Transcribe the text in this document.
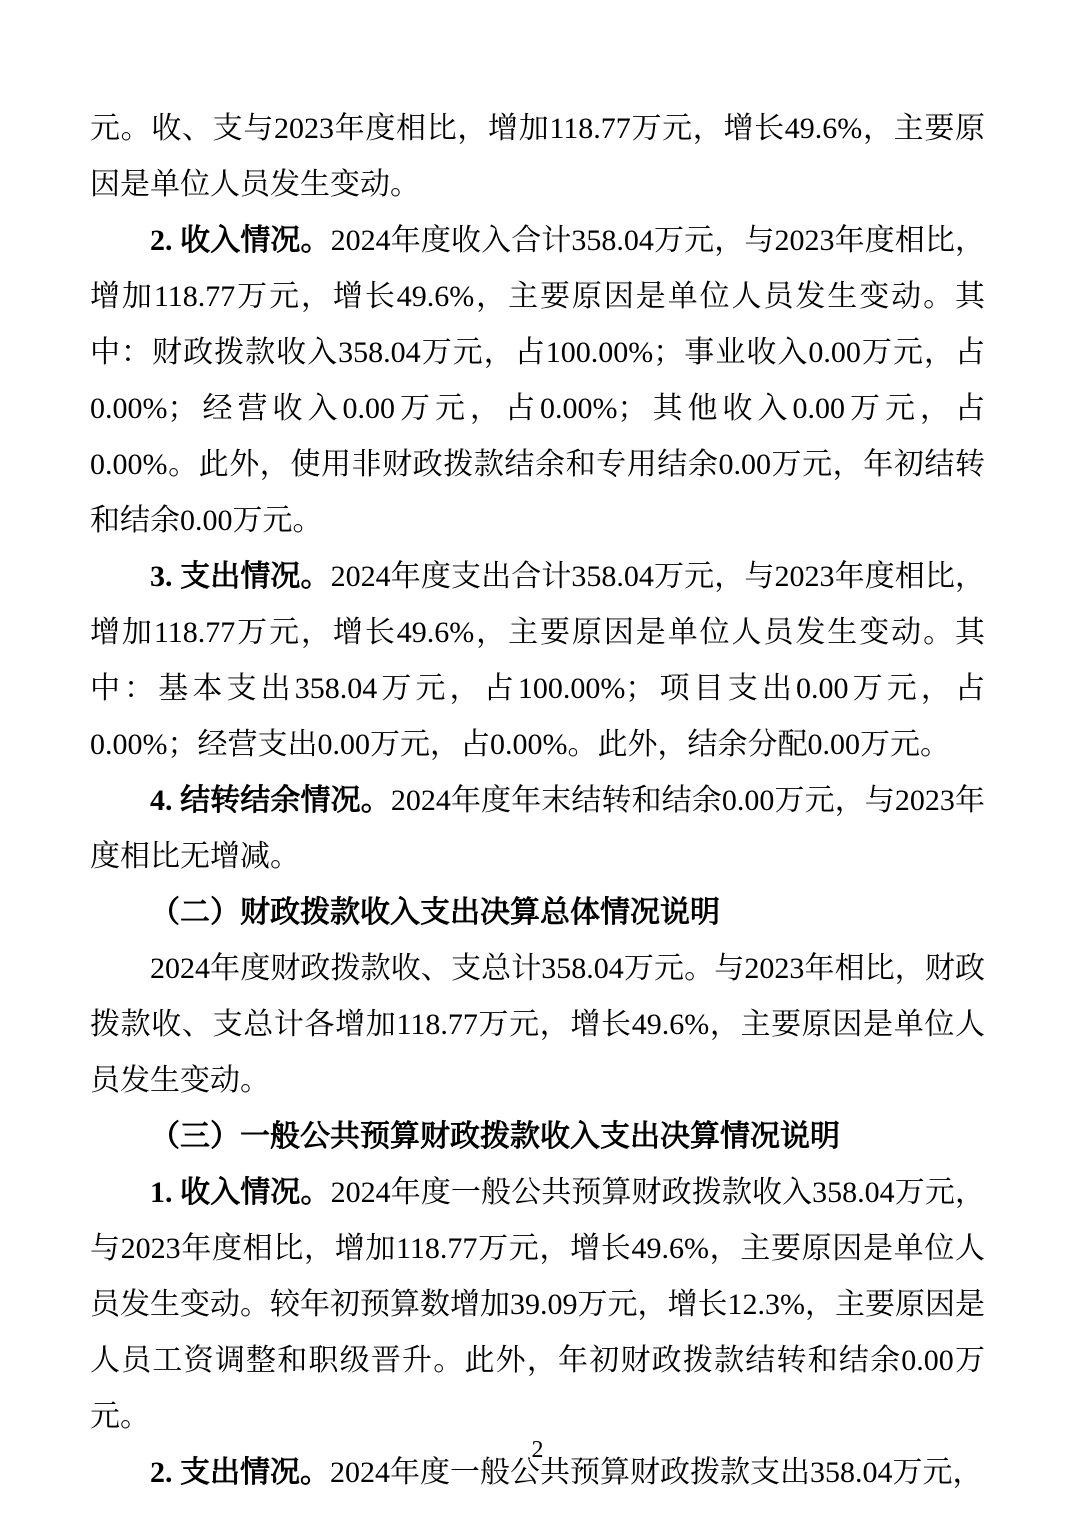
元。收、支与2023年度相比，增加118.77万元，增长49.6%，主要原因是单位人员发生变动。

2. 收入情况。2024年度收入合计358.04万元，与2023年度相比，增加118.77万元，增长49.6%，主要原因是单位人员发生变动。其中：财政拨款收入358.04万元，占100.00%；事业收入0.00万元，占0.00%；经营收入0.00万元，占0.00%；其他收入0.00万元，占0.00%。此外，使用非财政拨款结余和专用结余0.00万元，年初结转和结余0.00万元。

3. 支出情况。2024年度支出合计358.04万元，与2023年度相比，增加118.77万元，增长49.6%，主要原因是单位人员发生变动。其中：基本支出358.04万元，占100.00%；项目支出0.00万元，占0.00%；经营支出0.00万元，占0.00%。此外，结余分配0.00万元。

4. 结转结余情况。2024年度年末结转和结余0.00万元，与2023年度相比无增减。

（二）财政拨款收入支出决算总体情况说明

2024年度财政拨款收、支总计358.04万元。与2023年相比，财政拨款收、支总计各增加118.77万元，增长49.6%，主要原因是单位人员发生变动。

（三）一般公共预算财政拨款收入支出决算情况说明

1. 收入情况。2024年度一般公共预算财政拨款收入358.04万元，与2023年度相比，增加118.77万元，增长49.6%，主要原因是单位人员发生变动。较年初预算数增加39.09万元，增长12.3%，主要原因是人员工资调整和职级晋升。此外，年初财政拨款结转和结余0.00万元。

2. 支出情况。2024年度一般公共预算财政拨款支出358.04万元，

2
